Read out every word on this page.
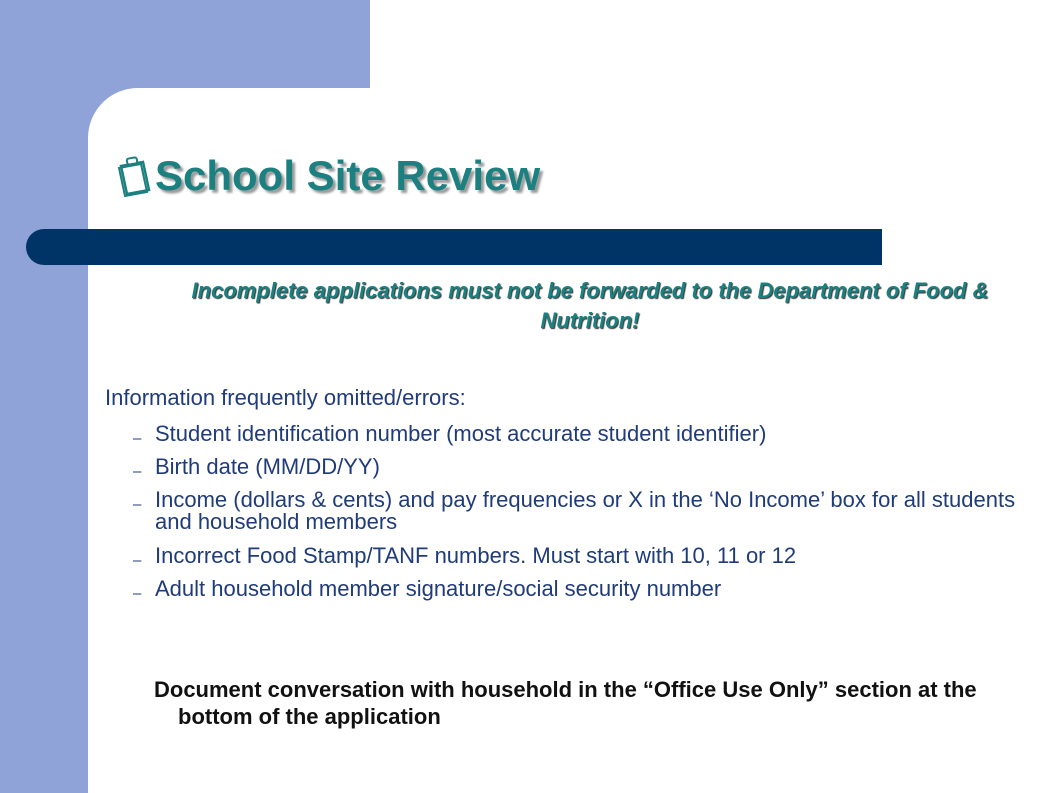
School Site Review
Incomplete applications must not be forwarded to the Department of Food & Nutrition!
Information frequently omitted/errors:
– Student identification number (most accurate student identifier)
– Birth date (MM/DD/YY)
– Income (dollars & cents) and pay frequencies or X in the ‘No Income’ box for all students and household members
– Incorrect Food Stamp/TANF numbers. Must start with 10, 11 or 12
– Adult household member signature/social security number
Document conversation with household in the “Office Use Only” section at the bottom of the application
